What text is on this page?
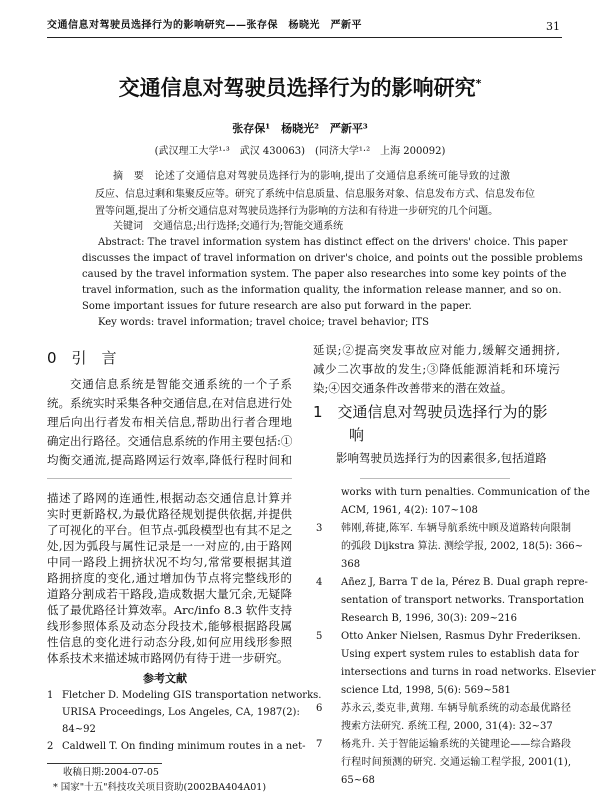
交通信息对驾驶员选择行为的影响研究——张存保　杨晓光　严新平	31
交通信息对驾驶员选择行为的影响研究*
张存保¹　杨晓光²　严新平³
(武汉理工大学¹·³　武汉 430063)　(同济大学¹·²　上海 200092)
摘　要　论述了交通信息对驾驶员选择行为的影响,提出了交通信息系统可能导致的过激
反应、信息过剩和集聚反应等。研究了系统中信息质量、信息服务对象、信息发布方式、信息发布位
置等问题,提出了分析交通信息对驾驶员选择行为影响的方法和有待进一步研究的几个问题。
关键词　交通信息;出行选择;交通行为;智能交通系统
Abstract: The travel information system has distinct effect on the drivers' choice. This paper
discusses the impact of travel information on driver's choice, and points out the possible problems
caused by the travel information system. The paper also researches into some key points of the
travel information, such as the information quality, the information release manner, and so on.
Some important issues for future research are also put forward in the paper.
Key words: travel information; travel choice; travel behavior; ITS
0　引　言
交通信息系统是智能交通系统的一个子系
统。系统实时采集各种交通信息,在对信息进行处
理后向出行者发布相关信息,帮助出行者合理地
确定出行路径。交通信息系统的作用主要包括:①
均衡交通流,提高路网运行效率,降低行程时间和
描述了路网的连通性,根据动态交通信息计算并
实时更新路权,为最优路径规划提供依据,并提供
了可视化的平台。但节点-弧段模型也有其不足之
处,因为弧段与属性记录是一一对应的,由于路网
中同一路段上拥挤状况不均匀,常常要根据其道
路拥挤度的变化,通过增加伪节点将完整线形的
道路分割成若干路段,造成数据大量冗余,无疑降
低了最优路径计算效率。Arc/info 8.3 软件支持
线形参照体系及动态分段技术,能够根据路段属
性信息的变化进行动态分段,如何应用线形参照
体系技术来描述城市路网仍有待于进一步研究。
参考文献
1 Fletcher D. Modeling GIS transportation networks.
URISA Proceedings, Los Angeles, CA, 1987(2):
84~92
2 Caldwell T. On finding minimum routes in a net-
收稿日期:2004-07-05
* 国家"十五"科技攻关项目资助(2002BA404A01)
延误;②提高突发事故应对能力,缓解交通拥挤,
减少二次事故的发生;③降低能源消耗和环境污
染;④因交通条件改善带来的潜在效益。
1　交通信息对驾驶员选择行为的影
响
影响驾驶员选择行为的因素很多,包括道路
works with turn penalties. Communication of the
ACM, 1961, 4(2): 107~108
3 韩刚,蒋捷,陈军. 车辆导航系统中顾及道路转向限制
的弧段 Dijkstra 算法. 测绘学报, 2002, 18(5): 366~
368
4 Añez J, Barra T de la, Pérez B. Dual graph repre-
sentation of transport networks. Transportation
Research B, 1996, 30(3): 209~216
5 Otto Anker Nielsen, Rasmus Dyhr Frederiksen.
Using expert system rules to establish data for
intersections and turns in road networks. Elsevier
science Ltd, 1998, 5(6): 569~581
6 苏永云,娄克非,黄翔. 车辆导航系统的动态最优路径
搜索方法研究. 系统工程, 2000, 31(4): 32~37
7 杨兆升. 关于智能运输系统的关键理论——综合路段
行程时间预测的研究. 交通运输工程学报, 2001(1),
65~68
